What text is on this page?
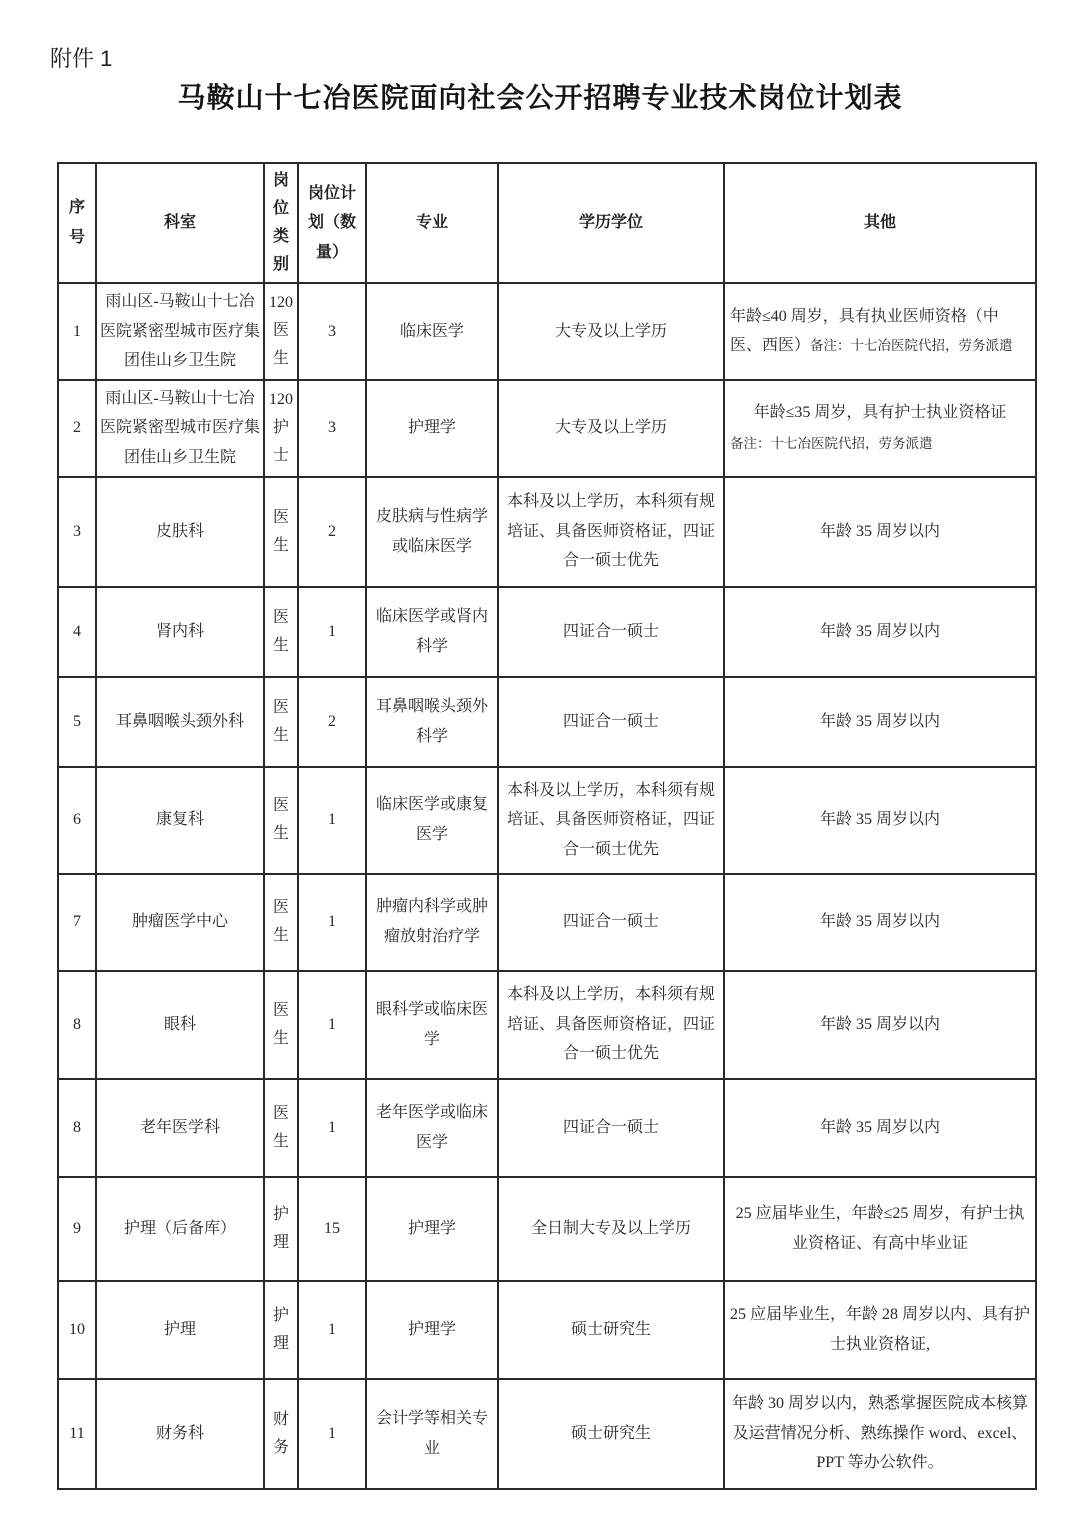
附件 1
马鞍山十七冶医院面向社会公开招聘专业技术岗位计划表
序号	科室	岗位类别	岗位计划（数量）	专业	学历学位	其他
1	雨山区-马鞍山十七冶医院紧密型城市医疗集团佳山乡卫生院	120医生	3	临床医学	大专及以上学历	年龄≤40 周岁，具有执业医师资格（中医、西医）备注：十七冶医院代招，劳务派遣
2	雨山区-马鞍山十七冶医院紧密型城市医疗集团佳山乡卫生院	120护士	3	护理学	大专及以上学历	年龄≤35 周岁，具有护士执业资格证
备注：十七冶医院代招，劳务派遣

3	皮肤科	医生	2	皮肤病与性病学或临床医学	本科及以上学历，本科须有规培证、具备医师资格证，四证合一硕士优先	年龄 35 周岁以内
4	肾内科	医生	1	临床医学或肾内科学	四证合一硕士	年龄 35 周岁以内
5	耳鼻咽喉头颈外科	医生	2	耳鼻咽喉头颈外科学	四证合一硕士	年龄 35 周岁以内
6	康复科	医生	1	临床医学或康复医学	本科及以上学历，本科须有规培证、具备医师资格证，四证合一硕士优先	年龄 35 周岁以内
7	肿瘤医学中心	医生	1	肿瘤内科学或肿瘤放射治疗学	四证合一硕士	年龄 35 周岁以内
8	眼科	医生	1	眼科学或临床医学	本科及以上学历，本科须有规培证、具备医师资格证，四证合一硕士优先	年龄 35 周岁以内
8	老年医学科	医生	1	老年医学或临床医学	四证合一硕士	年龄 35 周岁以内
9	护理（后备库）	护理	15	护理学	全日制大专及以上学历	25 应届毕业生，年龄≤25 周岁，有护士执业资格证、有高中毕业证
10	护理	护理	1	护理学	硕士研究生	25 应届毕业生，年龄 28 周岁以内、具有护士执业资格证,
11	财务科	财务	1	会计学等相关专业	硕士研究生	年龄 30 周岁以内，熟悉掌握医院成本核算及运营情况分析、熟练操作 word、excel、PPT 等办公软件。
